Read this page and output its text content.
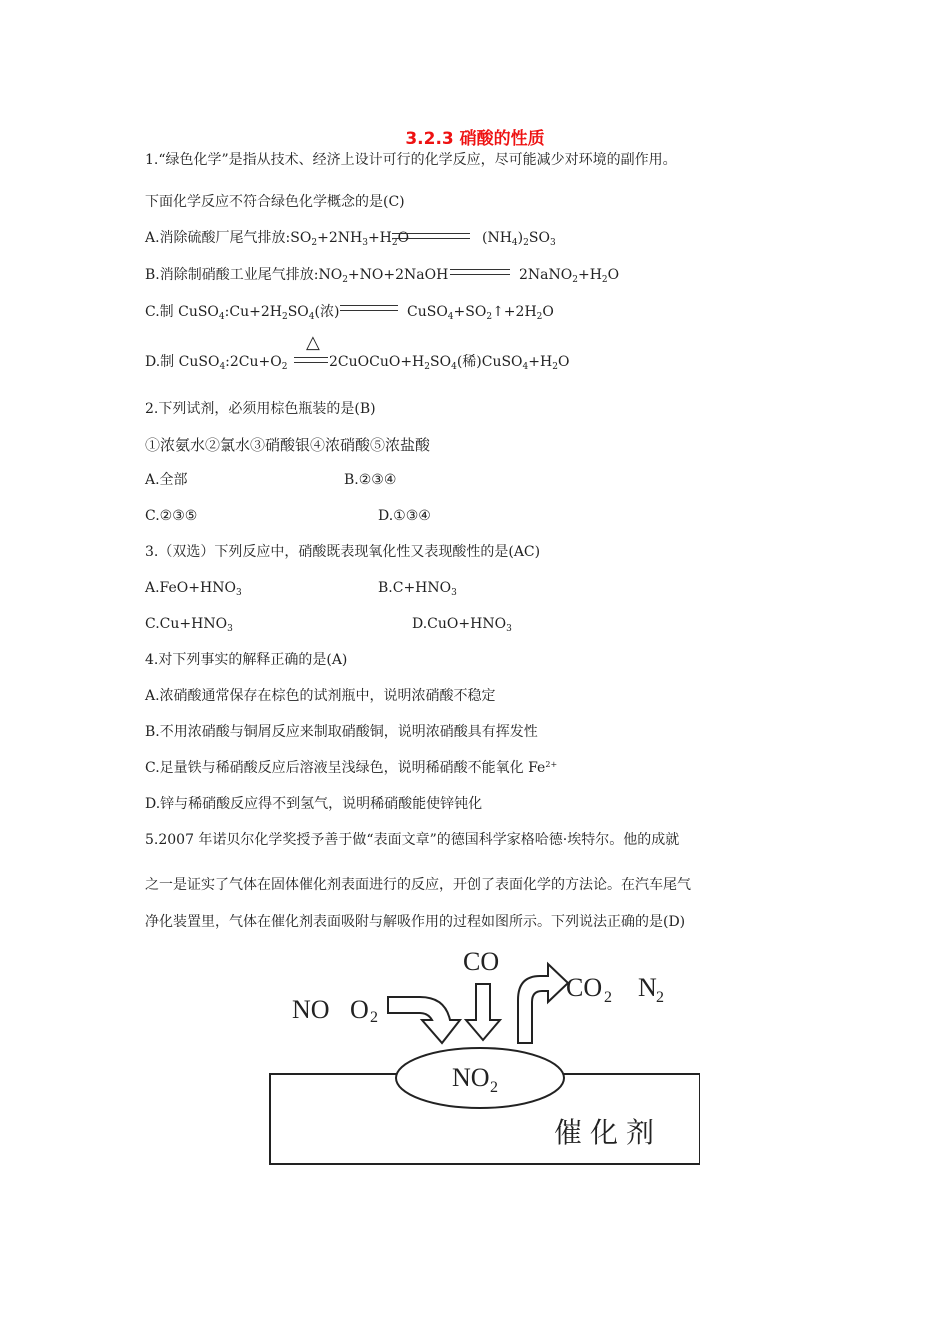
3.2.3 硝酸的性质
1.“绿色化学”是指从技术、经济上设计可行的化学反应，尽可能减少对环境的副作用。
下面化学反应不符合绿色化学概念的是(C)
A.消除硫酸厂尾气排放$:SO_2+2NH_3+H_2O$	$(NH_4)_2SO_3$
B.消除制硝酸工业尾气排放$:NO_2+NO+2NaOH$	$2NaNO_2+H_2O$
C.制 $CuSO_4:Cu+2H_2SO_4$(浓)	$CuSO_4+SO_2↑+2H_2O$
△
D.制 $CuSO_4:2Cu+O_2$	$2CuOCuO+H_2SO_4$(稀)$CuSO_4+H_2O$
2.下列试剂，必须用棕色瓶装的是(B)
①浓氨水②氯水③硝酸银④浓硝酸⑤浓盐酸
A.全部	B.②③④
C.②③⑤	D.①③④
3.（双选）下列反应中，硝酸既表现氧化性又表现酸性的是(AC)
$A.FeO+HNO_3$	$B.C+HNO_3$
$C.Cu+HNO_3$	$D.CuO+HNO_3$
4.对下列事实的解释正确的是(A)
A.浓硝酸通常保存在棕色的试剂瓶中，说明浓硝酸不稳定
B.不用浓硝酸与铜屑反应来制取硝酸铜，说明浓硝酸具有挥发性
C.足量铁与稀硝酸反应后溶液呈浅绿色，说明稀硝酸不能氧化 $Fe^{2+}$
D.锌与稀硝酸反应得不到氢气，说明稀硝酸能使锌钝化
5.2007 年诺贝尔化学奖授予善于做“表面文章”的德国科学家格哈德·埃特尔。他的成就
之一是证实了气体在固体催化剂表面进行的反应，开创了表面化学的方法论。在汽车尾气
净化装置里，气体在催化剂表面吸附与解吸作用的过程如图所示。下列说法正确的是(D)
NO O 2
CO
CO 2 N 2
NO 2
催化剂
